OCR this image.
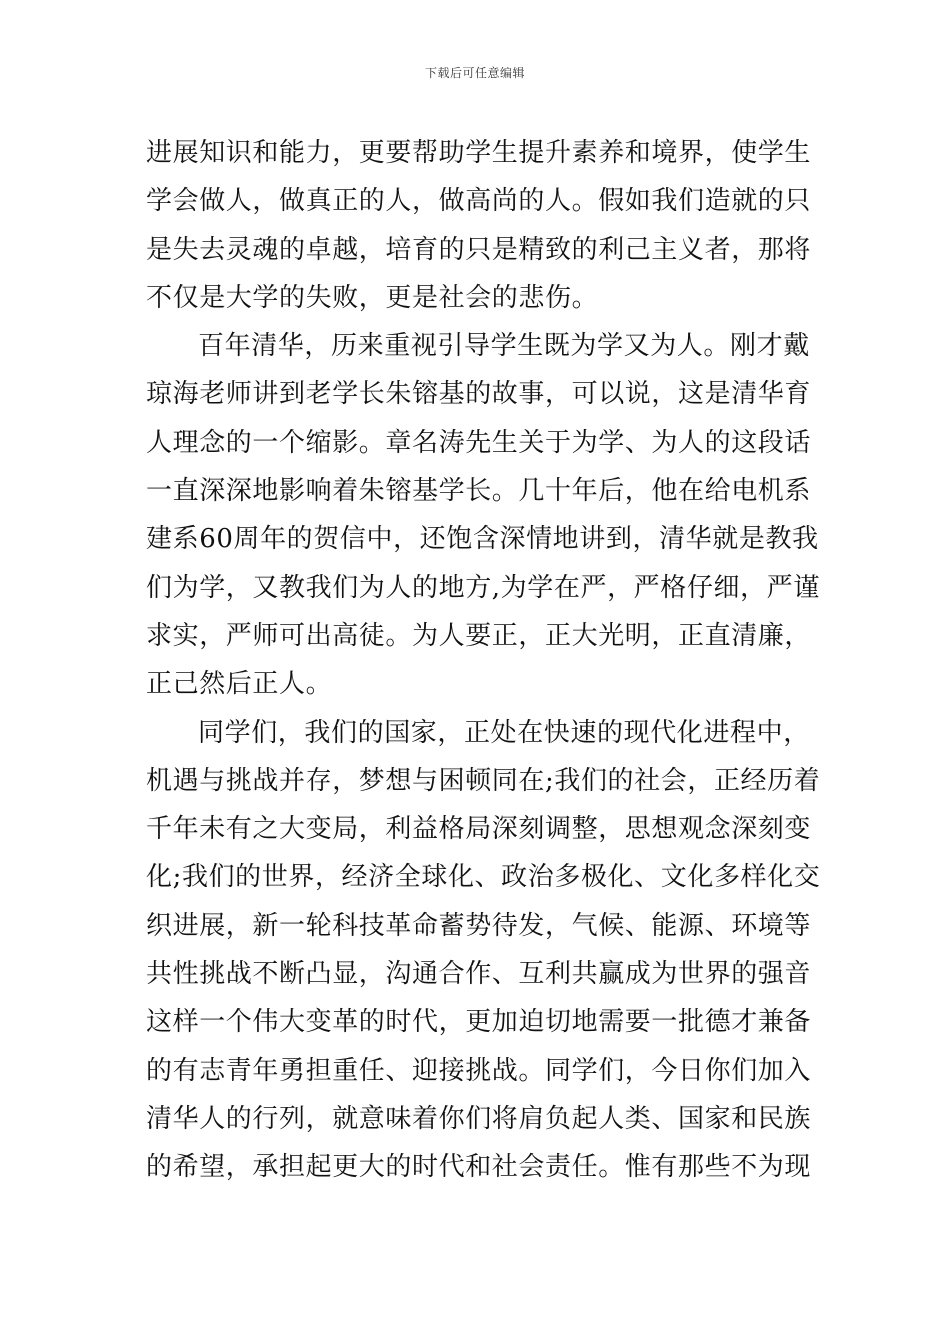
下载后可任意编辑
进展知识和能力，更要帮助学生提升素养和境界，使学生
学会做人，做真正的人，做高尚的人。假如我们造就的只
是失去灵魂的卓越，培育的只是精致的利己主义者，那将
不仅是大学的失败，更是社会的悲伤。
百年清华，历来重视引导学生既为学又为人。刚才戴
琼海老师讲到老学长朱镕基的故事，可以说，这是清华育
人理念的一个缩影。章名涛先生关于为学、为人的这段话
一直深深地影响着朱镕基学长。几十年后，他在给电机系
建系60周年的贺信中，还饱含深情地讲到，清华就是教我
们为学，又教我们为人的地方,为学在严，严格仔细，严谨
求实，严师可出高徒。为人要正，正大光明，正直清廉，
正己然后正人。
同学们，我们的国家，正处在快速的现代化进程中，
机遇与挑战并存，梦想与困顿同在;我们的社会，正经历着
千年未有之大变局，利益格局深刻调整，思想观念深刻变
化;我们的世界，经济全球化、政治多极化、文化多样化交
织进展，新一轮科技革命蓄势待发，气候、能源、环境等
共性挑战不断凸显，沟通合作、互利共赢成为世界的强音
这样一个伟大变革的时代，更加迫切地需要一批德才兼备
的有志青年勇担重任、迎接挑战。同学们，今日你们加入
清华人的行列，就意味着你们将肩负起人类、国家和民族
的希望，承担起更大的时代和社会责任。惟有那些不为现
